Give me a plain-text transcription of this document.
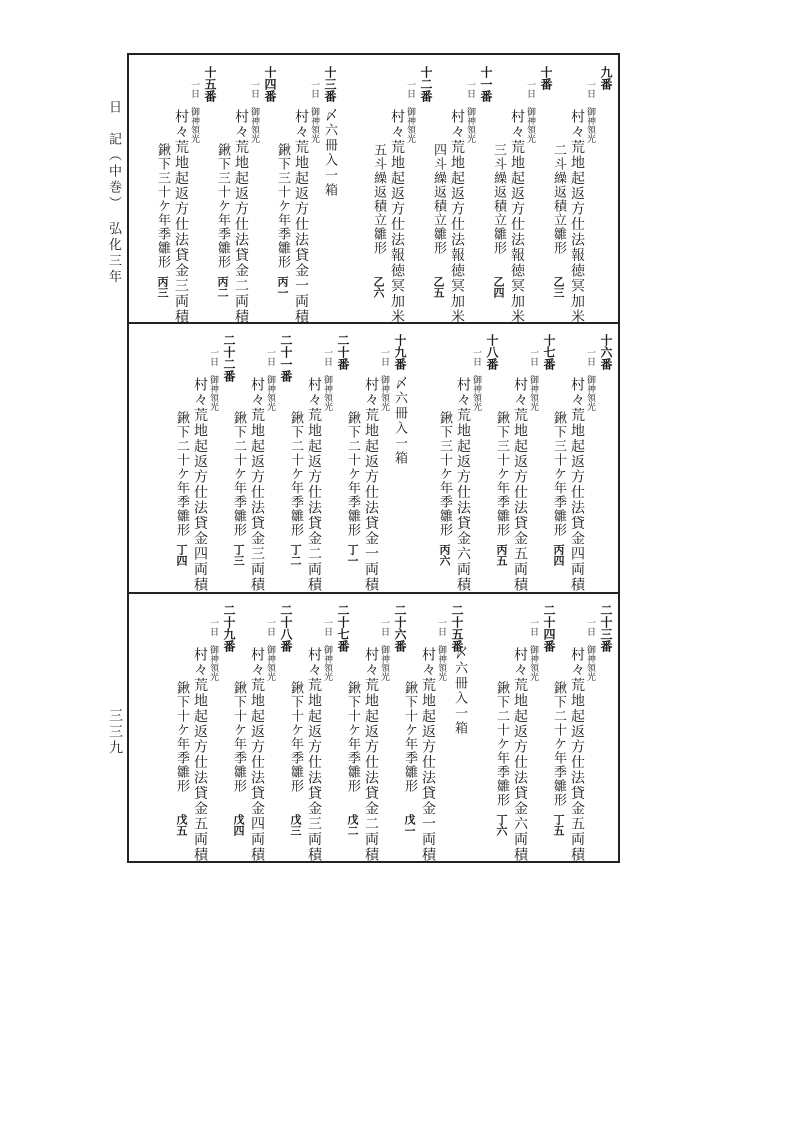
日　記（中巻）　弘化三年
三三九
九番
一日　御神領光
村々荒地起返方仕法報徳冥加米
二斗繰返積立雛形
乙三
十番
一日　御神領光
村々荒地起返方仕法報徳冥加米
三斗繰返積立雛形
乙四
十一番
一日　御神領光
村々荒地起返方仕法報徳冥加米
四斗繰返積立雛形
乙五
十二番
一日　御神領光
村々荒地起返方仕法報徳冥加米
五斗繰返積立雛形
乙六
〆六冊入一箱
十三番
一日　御神領光
村々荒地起返方仕法貸金一両積
鍬下三十ケ年季雛形
丙一
十四番
一日　御神領光
村々荒地起返方仕法貸金二両積
鍬下三十ケ年季雛形
丙二
十五番
一日　御神領光
村々荒地起返方仕法貸金三両積
鍬下三十ケ年季雛形
丙三
十六番
一日　御神領光
村々荒地起返方仕法貸金四両積
鍬下三十ケ年季雛形
丙四
十七番
一日　御神領光
村々荒地起返方仕法貸金五両積
鍬下三十ケ年季雛形
丙五
十八番
一日　御神領光
村々荒地起返方仕法貸金六両積
鍬下三十ケ年季雛形
丙六
〆六冊入一箱
十九番
一日　御神領光
村々荒地起返方仕法貸金一両積
鍬下二十ケ年季雛形
丁一
二十番
一日　御神領光
村々荒地起返方仕法貸金二両積
鍬下二十ケ年季雛形
丁二
二十一番
一日　御神領光
村々荒地起返方仕法貸金三両積
鍬下二十ケ年季雛形
丁三
二十二番
一日　御神領光
村々荒地起返方仕法貸金四両積
鍬下二十ケ年季雛形
丁四
二十三番
一日　御神領光
村々荒地起返方仕法貸金五両積
鍬下二十ケ年季雛形
丁五
二十四番
一日　御神領光
村々荒地起返方仕法貸金六両積
鍬下二十ケ年季雛形
丁六
〆六冊入一箱
二十五番
一日　御神領光
村々荒地起返方仕法貸金一両積
鍬下十ケ年季雛形
戊一
二十六番
一日　御神領光
村々荒地起返方仕法貸金二両積
鍬下十ケ年季雛形
戊二
二十七番
一日　御神領光
村々荒地起返方仕法貸金三両積
鍬下十ケ年季雛形
戊三
二十八番
一日　御神領光
村々荒地起返方仕法貸金四両積
鍬下十ケ年季雛形
戊四
二十九番
一日　御神領光
村々荒地起返方仕法貸金五両積
鍬下十ケ年季雛形
戊五
